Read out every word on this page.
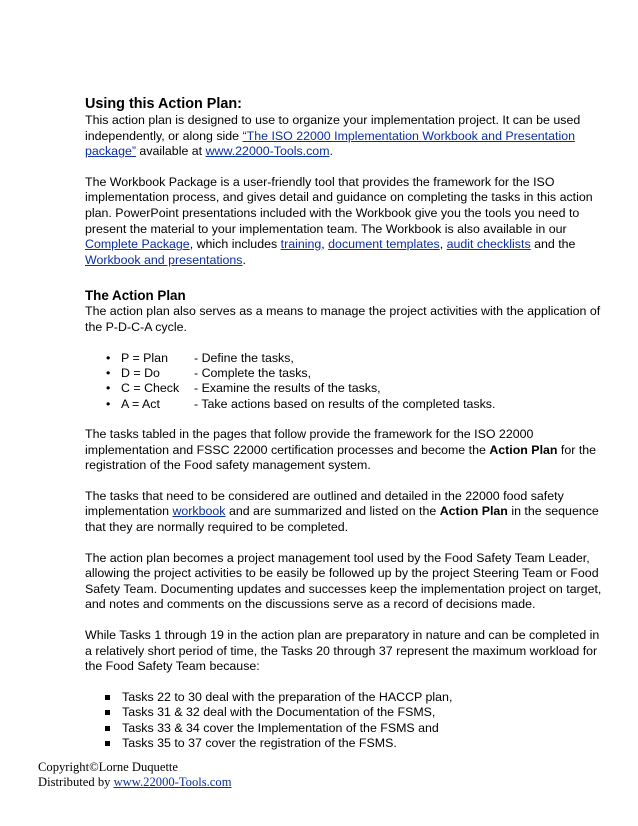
Using this Action Plan:

This action plan is designed to use to organize your implementation project. It can be used independently, or along side “The ISO 22000 Implementation Workbook and Presentation package” available at www.22000-Tools.com.

The Workbook Package is a user-friendly tool that provides the framework for the ISO implementation process, and gives detail and guidance on completing the tasks in this action plan. PowerPoint presentations included with the Workbook give you the tools you need to present the material to your implementation team. The Workbook is also available in our Complete Package, which includes training, document templates, audit checklists and the Workbook and presentations.

The Action Plan

The action plan also serves as a means to manage the project activities with the application of the P-D-C-A cycle.

• P = Plan - Define the tasks,
• D = Do	- Complete the tasks,
• C = Check - Examine the results of the tasks,
• A = Act	- Take actions based on results of the completed tasks.

The tasks tabled in the pages that follow provide the framework for the ISO 22000 implementation and FSSC 22000 certification processes and become the Action Plan for the registration of the Food safety management system.

The tasks that need to be considered are outlined and detailed in the 22000 food safety implementation workbook and are summarized and listed on the Action Plan in the sequence that they are normally required to be completed.

The action plan becomes a project management tool used by the Food Safety Team Leader, allowing the project activities to be easily be followed up by the project Steering Team or Food Safety Team. Documenting updates and successes keep the implementation project on target, and notes and comments on the discussions serve as a record of decisions made.

While Tasks 1 through 19 in the action plan are preparatory in nature and can be completed in a relatively short period of time, the Tasks 20 through 37 represent the maximum workload for the Food Safety Team because:

Tasks 22 to 30 deal with the preparation of the HACCP plan,
Tasks 31 & 32 deal with the Documentation of the FSMS,
Tasks 33 & 34 cover the Implementation of the FSMS and
Tasks 35 to 37 cover the registration of the FSMS.
Copyright©Lorne Duquette
Distributed by www.22000-Tools.com
